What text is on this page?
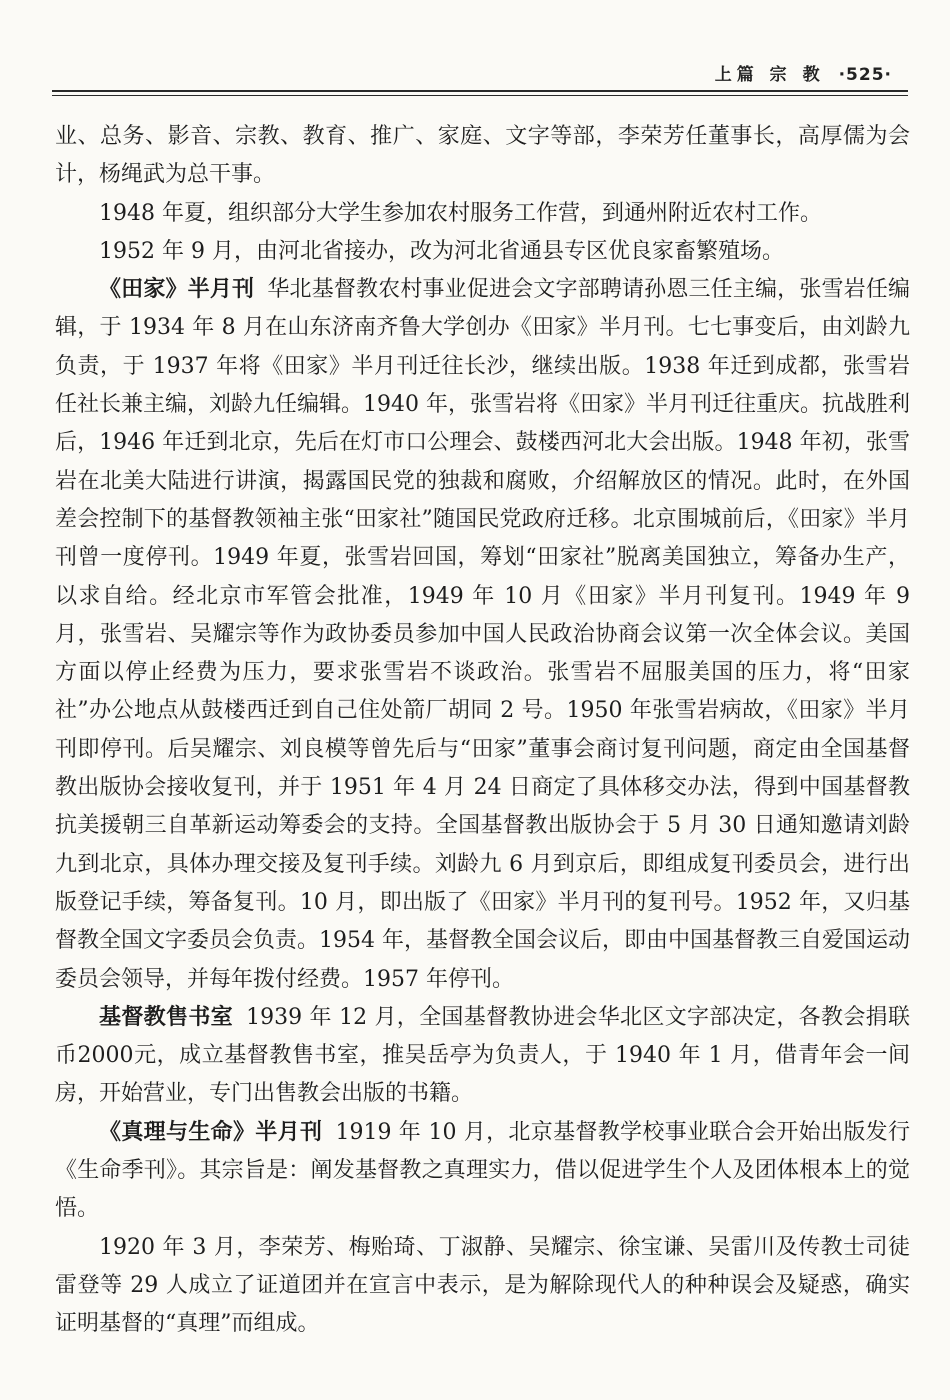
上篇 宗 教 ·525·

业、总务、影音、宗教、教育、推广、家庭、文字等部，李荣芳任董事长，高厚儒为会计，杨绳武为总干事。

1948 年夏，组织部分大学生参加农村服务工作营，到通州附近农村工作。

1952 年 9 月，由河北省接办，改为河北省通县专区优良家畜繁殖场。

《田家》半月刊 华北基督教农村事业促进会文字部聘请孙恩三任主编，张雪岩任编辑，于 1934 年 8 月在山东济南齐鲁大学创办《田家》半月刊。七七事变后，由刘龄九负责，于 1937 年将《田家》半月刊迁往长沙，继续出版。1938 年迁到成都，张雪岩任社长兼主编，刘龄九任编辑。1940 年，张雪岩将《田家》半月刊迁往重庆。抗战胜利后，1946 年迁到北京，先后在灯市口公理会、鼓楼西河北大会出版。1948 年初，张雪岩在北美大陆进行讲演，揭露国民党的独裁和腐败，介绍解放区的情况。此时，在外国差会控制下的基督教领袖主张“田家社”随国民党政府迁移。北京围城前后，《田家》半月刊曾一度停刊。1949 年夏，张雪岩回国，筹划“田家社”脱离美国独立，筹备办生产，以求自给。经北京市军管会批准，1949 年 10 月《田家》半月刊复刊。1949 年 9 月，张雪岩、吴耀宗等作为政协委员参加中国人民政治协商会议第一次全体会议。美国方面以停止经费为压力，要求张雪岩不谈政治。张雪岩不屈服美国的压力，将“田家社”办公地点从鼓楼西迁到自己住处箭厂胡同 2 号。1950 年张雪岩病故，《田家》半月刊即停刊。后吴耀宗、刘良模等曾先后与“田家”董事会商讨复刊问题，商定由全国基督教出版协会接收复刊，并于 1951 年 4 月 24 日商定了具体移交办法，得到中国基督教抗美援朝三自革新运动筹委会的支持。全国基督教出版协会于 5 月 30 日通知邀请刘龄九到北京，具体办理交接及复刊手续。刘龄九 6 月到京后，即组成复刊委员会，进行出版登记手续，筹备复刊。10 月，即出版了《田家》半月刊的复刊号。1952 年，又归基督教全国文字委员会负责。1954 年，基督教全国会议后，即由中国基督教三自爱国运动委员会领导，并每年拨付经费。1957 年停刊。

基督教售书室 1939 年 12 月，全国基督教协进会华北区文字部决定，各教会捐联币2000元，成立基督教售书室，推吴岳亭为负责人，于 1940 年 1 月，借青年会一间房，开始营业，专门出售教会出版的书籍。

《真理与生命》半月刊 1919 年 10 月，北京基督教学校事业联合会开始出版发行《生命季刊》。其宗旨是：阐发基督教之真理实力，借以促进学生个人及团体根本上的觉悟。

1920 年 3 月，李荣芳、梅贻琦、丁淑静、吴耀宗、徐宝谦、吴雷川及传教士司徒雷登等 29 人成立了证道团并在宣言中表示，是为解除现代人的种种误会及疑惑，确实证明基督的“真理”而组成。
